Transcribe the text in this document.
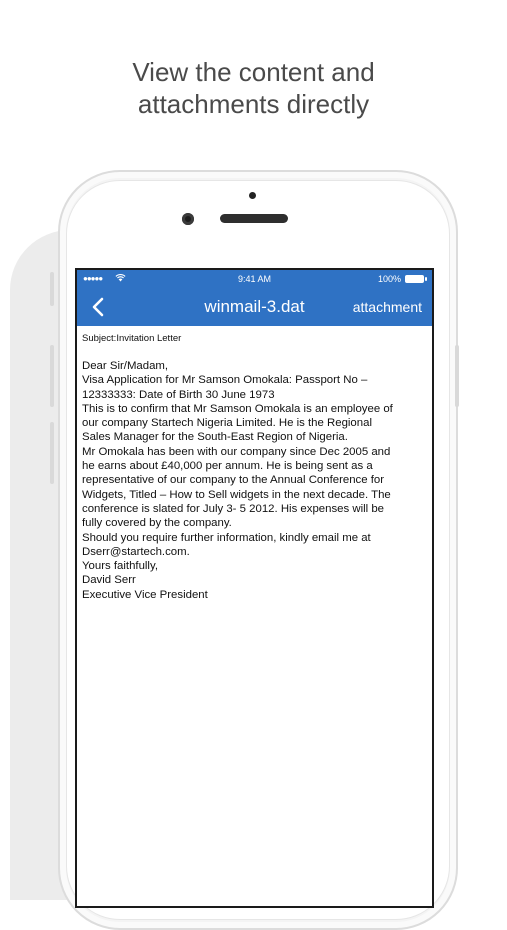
View the content and
attachments directly
●●●●●	9:41 AM	100%
winmail-3.dat	attachment
Subject:Invitation Letter
Dear Sir/Madam,
Visa Application for Mr Samson Omokala: Passport No –
12333333: Date of Birth 30 June 1973
This is to confirm that Mr Samson Omokala is an employee of
our company Startech Nigeria Limited. He is the Regional
Sales Manager for the South-East Region of Nigeria.
Mr Omokala has been with our company since Dec 2005 and
he earns about £40,000 per annum. He is being sent as a
representative of our company to the Annual Conference for
Widgets, Titled – How to Sell widgets in the next decade. The
conference is slated for July 3- 5 2012. His expenses will be
fully covered by the company.
Should you require further information, kindly email me at
Dserr@startech.com.
Yours faithfully,
David Serr
Executive Vice President
